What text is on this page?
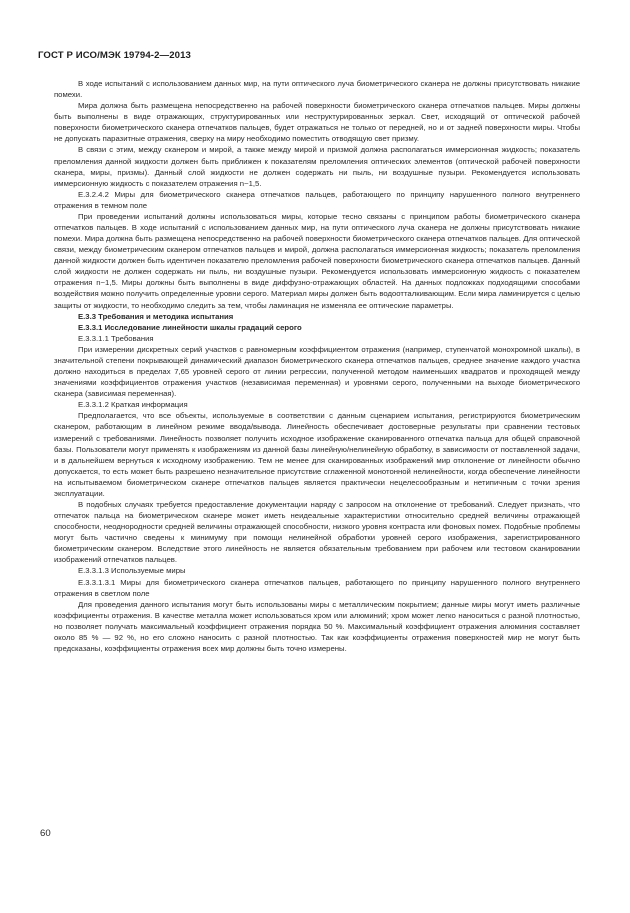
ГОСТ Р ИСО/МЭК 19794-2—2013

В ходе испытаний с использованием данных мир, на пути оптического луча биометрического сканера не должны присутствовать никакие помехи.

Мира должна быть размещена непосредственно на рабочей поверхности биометрического сканера отпечатков пальцев. Миры должны быть выполнены в виде отражающих, структурированных или неструктурированных зеркал. Свет, исходящий от оптической рабочей поверхности биометрического сканера отпечатков пальцев, будет отражаться не только от передней, но и от задней поверхности миры. Чтобы не допускать паразитные отражения, сверху на миру необходимо поместить отводящую свет призму.

В связи с этим, между сканером и мирой, а также между мирой и призмой должна располагаться иммерсионная жидкость; показатель преломления данной жидкости должен быть приближен к показателям преломления оптических элементов (оптической рабочей поверхности сканера, миры, призмы). Данный слой жидкости не должен содержать ни пыль, ни воздушные пузыри. Рекомендуется использовать иммерсионную жидкость с показателем отражения n~1,5.

Е.3.2.4.2 Миры для биометрического сканера отпечатков пальцев, работающего по принципу нарушенного полного внутреннего отражения в темном поле

При проведении испытаний должны использоваться миры, которые тесно связаны с принципом работы биометрического сканера отпечатков пальцев. В ходе испытаний с использованием данных мир, на пути оптического луча сканера не должны присутствовать никакие помехи. Мира должна быть размещена непосредственно на рабочей поверхности биометрического сканера отпечатков пальцев. Для оптической связи, между биометрическим сканером отпечатков пальцев и мирой, должна располагаться иммерсионная жидкость; показатель преломления данной жидкости должен быть идентичен показателю преломления рабочей поверхности биометрического сканера отпечатков пальцев. Данный слой жидкости не должен содержать ни пыль, ни воздушные пузыри. Рекомендуется использовать иммерсионную жидкость с показателем отражения n~1,5. Миры должны быть выполнены в виде диффузно-отражающих областей. На данных подложках подходящими способами воздействия можно получить определенные уровни серого. Материал миры должен быть водоотталкивающим. Если мира ламинируется с целью защиты от жидкости, то необходимо следить за тем, чтобы ламинация не изменяла ее оптические параметры.

Е.3.3 Требования и методика испытания

Е.3.3.1 Исследование линейности шкалы градаций серого

Е.3.3.1.1 Требования

При измерении дискретных серий участков с равномерным коэффициентом отражения (например, ступенчатой монохромной шкалы), в значительной степени покрывающей динамический диапазон биометрического сканера отпечатков пальцев, среднее значение каждого участка должно находиться в пределах 7,65 уровней серого от линии регрессии, полученной методом наименьших квадратов и проходящей между значениями коэффициентов отражения участков (независимая переменная) и уровнями серого, полученными на выходе биометрического сканера (зависимая переменная).

Е.3.3.1.2 Краткая информация

Предполагается, что все объекты, используемые в соответствии с данным сценарием испытания, регистрируются биометрическим сканером, работающим в линейном режиме ввода/вывода. Линейность обеспечивает достоверные результаты при сравнении тестовых измерений с требованиями. Линейность позволяет получить исходное изображение сканированного отпечатка пальца для общей справочной базы. Пользователи могут применять к изображениям из данной базы линейную/нелинейную обработку, в зависимости от поставленной задачи, и в дальнейшем вернуться к исходному изображению. Тем не менее для сканированных изображений мир отклонение от линейности обычно допускается, то есть может быть разрешено незначительное присутствие сглаженной монотонной нелинейности, когда обеспечение линейности на испытываемом биометрическом сканере отпечатков пальцев является практически нецелесообразным и нетипичным с точки зрения эксплуатации.

В подобных случаях требуется предоставление документации наряду с запросом на отклонение от требований. Следует признать, что отпечаток пальца на биометрическом сканере может иметь неидеальные характеристики относительно средней величины отражающей способности, неоднородности средней величины отражающей способности, низкого уровня контраста или фоновых помех. Подобные проблемы могут быть частично сведены к минимуму при помощи нелинейной обработки уровней серого изображения, зарегистрированного биометрическим сканером. Вследствие этого линейность не является обязательным требованием при рабочем или тестовом сканировании изображений отпечатков пальцев.

Е.3.3.1.3 Используемые миры

Е.3.3.1.3.1 Миры для биометрического сканера отпечатков пальцев, работающего по принципу нарушенного полного внутреннего отражения в светлом поле

Для проведения данного испытания могут быть использованы миры с металлическим покрытием; данные миры могут иметь различные коэффициенты отражения. В качестве металла может использоваться хром или алюминий; хром может легко наноситься с разной плотностью, но позволяет получать максимальный коэффициент отражения порядка 50 %. Максимальный коэффициент отражения алюминия составляет около 85 % — 92 %, но его сложно наносить с разной плотностью. Так как коэффициенты отражения поверхностей мир не могут быть предсказаны, коэффициенты отражения всех мир должны быть точно измерены.

60
